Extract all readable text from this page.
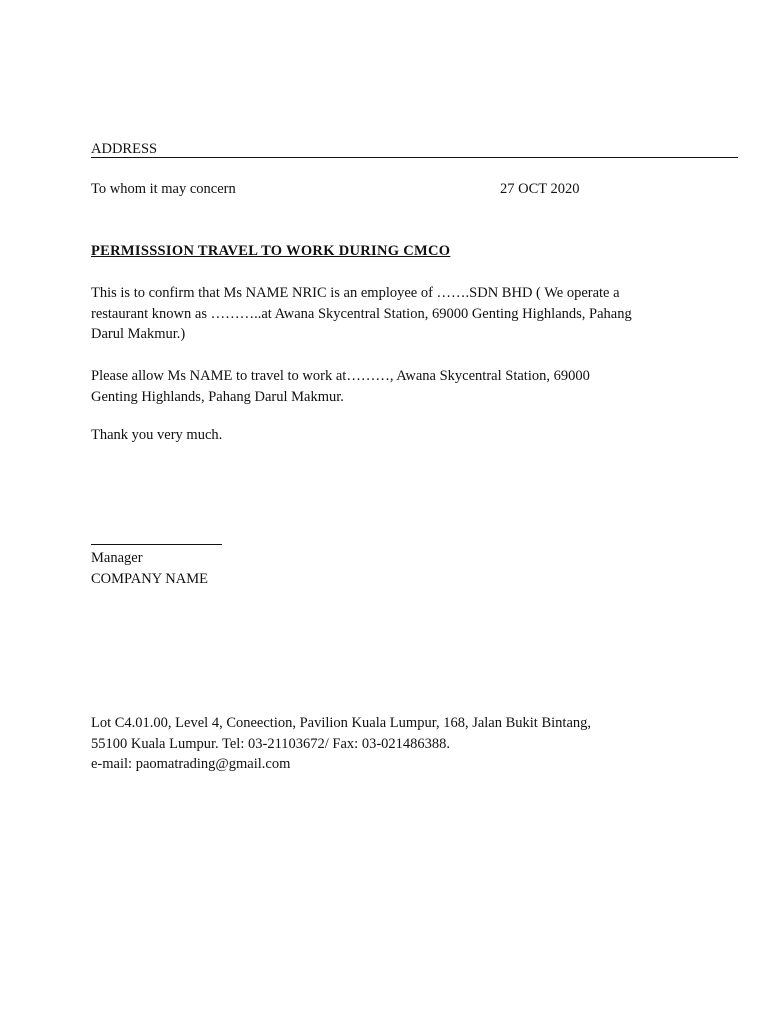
ADDRESS
To whom it may concern	27 OCT 2020
PERMISSSION TRAVEL TO WORK DURING CMCO
This is to confirm that Ms NAME NRIC is an employee of …….SDN BHD ( We operate a
restaurant known as ………..at Awana Skycentral Station, 69000 Genting Highlands, Pahang
Darul Makmur.)
Please allow Ms NAME to travel to work at………, Awana Skycentral Station, 69000
Genting Highlands, Pahang Darul Makmur.
Thank you very much.
Manager
COMPANY NAME
Lot C4.01.00, Level 4, Coneection, Pavilion Kuala Lumpur, 168, Jalan Bukit Bintang,
55100 Kuala Lumpur. Tel: 03-21103672/ Fax: 03-021486388.
e-mail: paomatrading@gmail.com
